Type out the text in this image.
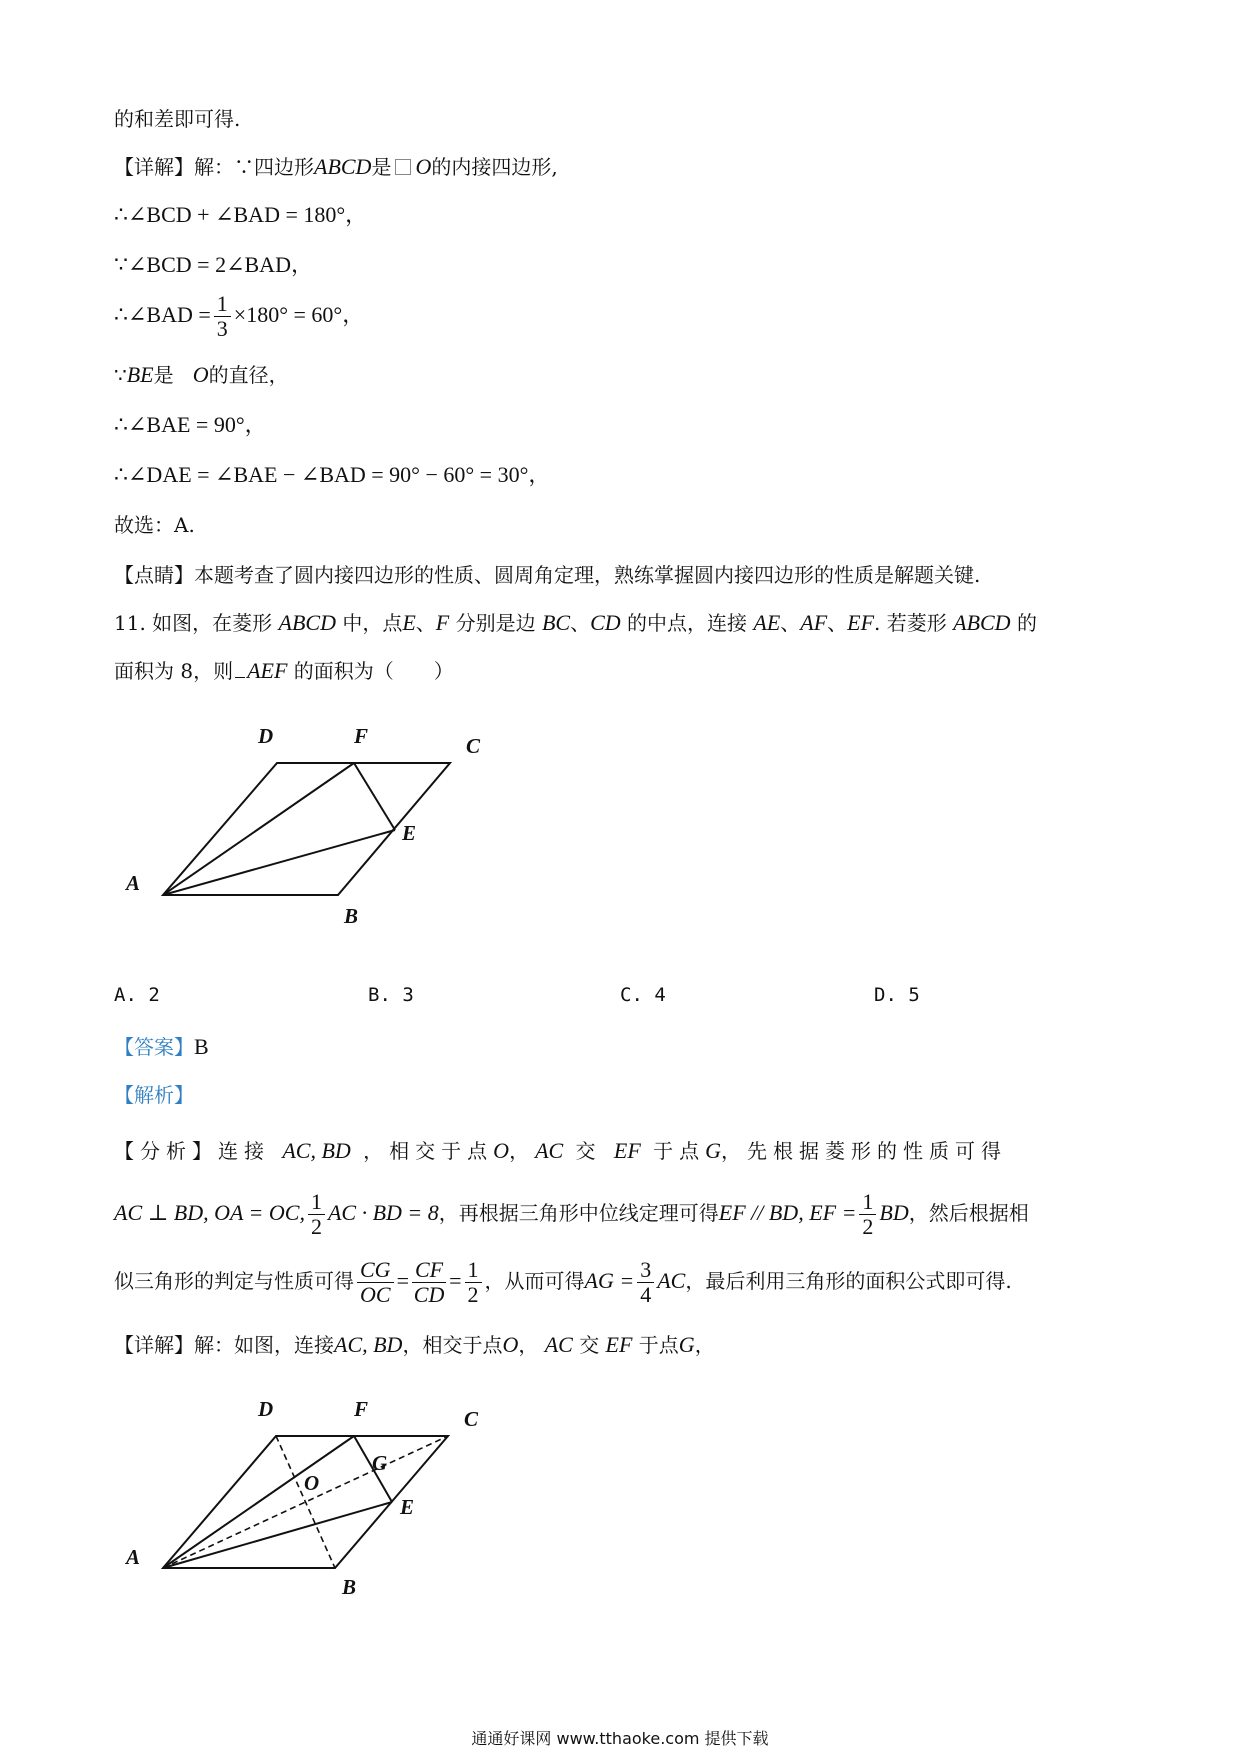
的和差即可得.
【详解】解：∵四边形ABCD是 O的内接四边形,
∴∠BCD + ∠BAD = 180°，
∵∠BCD = 2∠BAD，
∴∠BAD = $\frac{1}{3} \times 180^\circ = 60^\circ$，
∵BE是 O的直径，
∴∠BAE = 90°，
∴∠DAE = ∠BAE − ∠BAD = 90° − 60° = 30°，
故选：A.
【点睛】本题考查了圆内接四边形的性质、圆周角定理，熟练掌握圆内接四边形的性质是解题关键.
11. 如图，在菱形 ABCD 中，点E、F 分别是边 BC、CD 的中点，连接 AE、AF、EF. 若菱形 ABCD 的
面积为 8，则 AEF 的面积为（　　）
D	F	C
E
A
B
A. 2	B. 3	C. 4	D. 5
【答案】B
【解析】
【分析】连接 AC, BD ，相交于点O，AC 交 EF 于点G，先根据菱形的性质可得
AC ⊥ BD, OA = OC, $\frac{1}{2}$ AC · BD = 8，再根据三角形中位线定理可得EF // BD, EF = $\frac{1}{2}$ BD，然后根据相
似三角形的判定与性质可得 $\frac{CG}{OC} = \frac{CF}{CD} = \frac{1}{2}$ ，从而可得AG = $\frac{3}{4}$ AC，最后利用三角形的面积公式即可得.
【详解】解：如图，连接AC, BD，相交于点O， AC 交 EF 于点G，
D	F	C
G
O
E
A
B
通通好课网 www.tthaoke.com 提供下载
